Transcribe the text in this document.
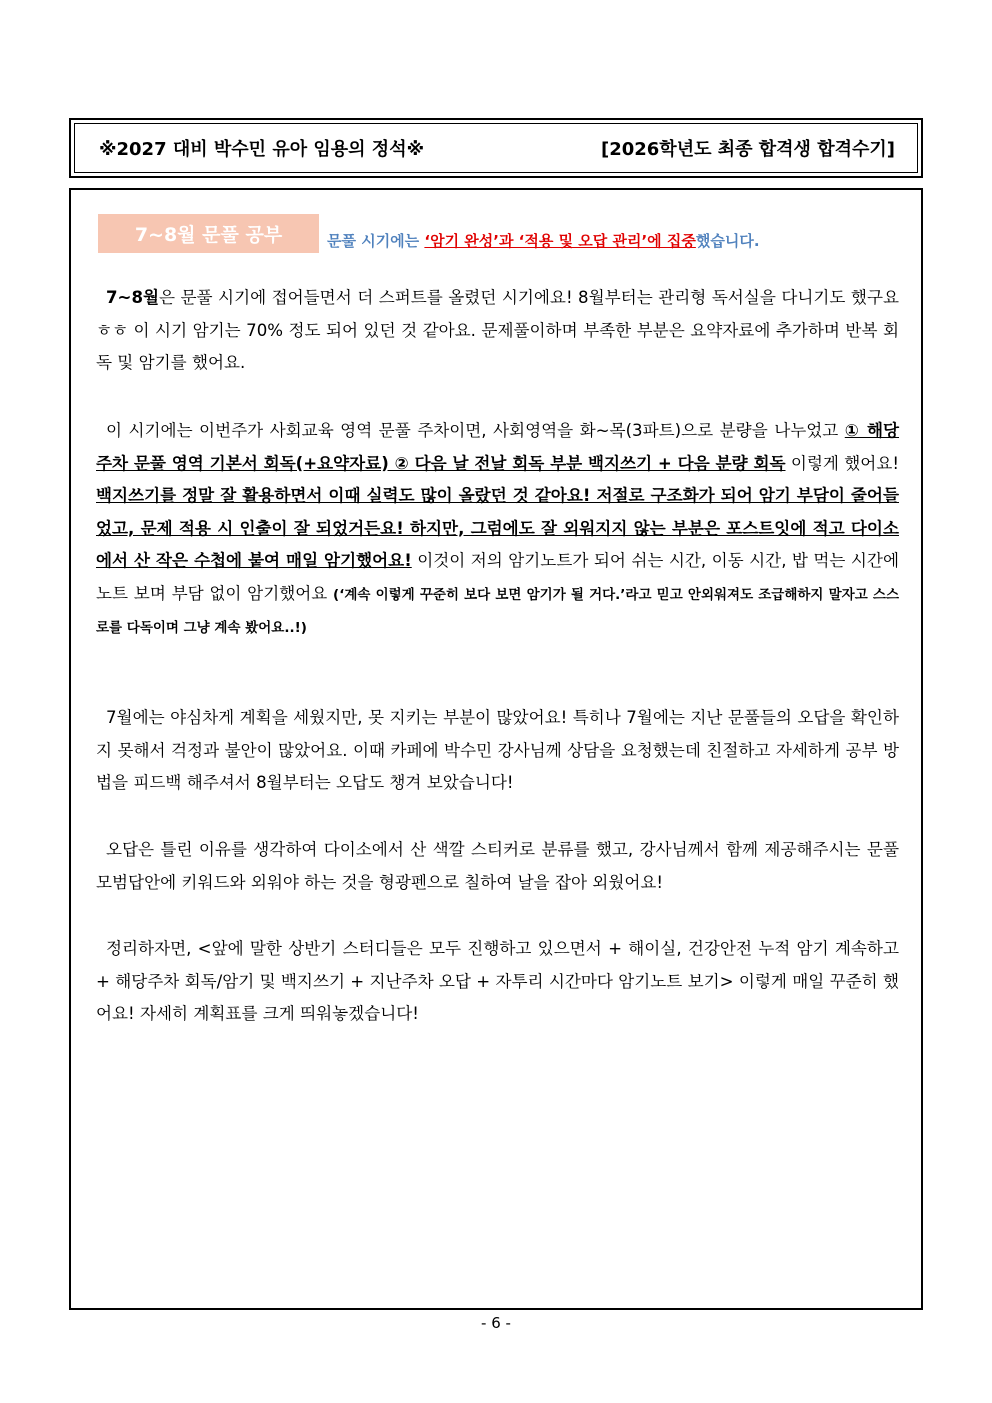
※2027 대비 박수민 유아 임용의 정석※	[2026학년도 최종 합격생 합격수기]
7~8월 문풀 공부	문풀 시기에는 ‘암기 완성’과 ‘적용 및 오답 관리’에 집중했습니다.

7~8월은 문풀 시기에 접어들면서 더 스퍼트를 올렸던 시기에요! 8월부터는 관리형 독서실을 다니기도 했구요 ㅎㅎ 이 시기 암기는 70% 정도 되어 있던 것 같아요. 문제풀이하며 부족한 부분은 요약자료에 추가하며 반복 회독 및 암기를 했어요.

이 시기에는 이번주가 사회교육 영역 문풀 주차이면, 사회영역을 화~목(3파트)으로 분량을 나누었고 ① 해당 주차 문풀 영역 기본서 회독(+요약자료) ② 다음 날 전날 회독 부분 백지쓰기 + 다음 분량 회독 이렇게 했어요! 백지쓰기를 정말 잘 활용하면서 이때 실력도 많이 올랐던 것 같아요! 저절로 구조화가 되어 암기 부담이 줄어들었고, 문제 적용 시 인출이 잘 되었거든요! 하지만, 그럼에도 잘 외워지지 않는 부분은 포스트잇에 적고 다이소에서 산 작은 수첩에 붙여 매일 암기했어요! 이것이 저의 암기노트가 되어 쉬는 시간, 이동 시간, 밥 먹는 시간에 노트 보며 부담 없이 암기했어요 (‘계속 이렇게 꾸준히 보다 보면 암기가 될 거다.’라고 믿고 안외워져도 조급해하지 말자고 스스로를 다독이며 그냥 계속 봤어요..!)

7월에는 야심차게 계획을 세웠지만, 못 지키는 부분이 많았어요! 특히나 7월에는 지난 문풀들의 오답을 확인하지 못해서 걱정과 불안이 많았어요. 이때 카페에 박수민 강사님께 상담을 요청했는데 친절하고 자세하게 공부 방법을 피드백 해주셔서 8월부터는 오답도 챙겨 보았습니다!

오답은 틀린 이유를 생각하여 다이소에서 산 색깔 스티커로 분류를 했고, 강사님께서 함께 제공해주시는 문풀 모범답안에 키워드와 외워야 하는 것을 형광펜으로 칠하여 날을 잡아 외웠어요!

정리하자면, <앞에 말한 상반기 스터디들은 모두 진행하고 있으면서 + 해이실, 건강안전 누적 암기 계속하고 + 해당주차 회독/암기 및 백지쓰기 + 지난주차 오답 + 자투리 시간마다 암기노트 보기> 이렇게 매일 꾸준히 했어요! 자세히 계획표를 크게 띄워놓겠습니다!

- 6 -
